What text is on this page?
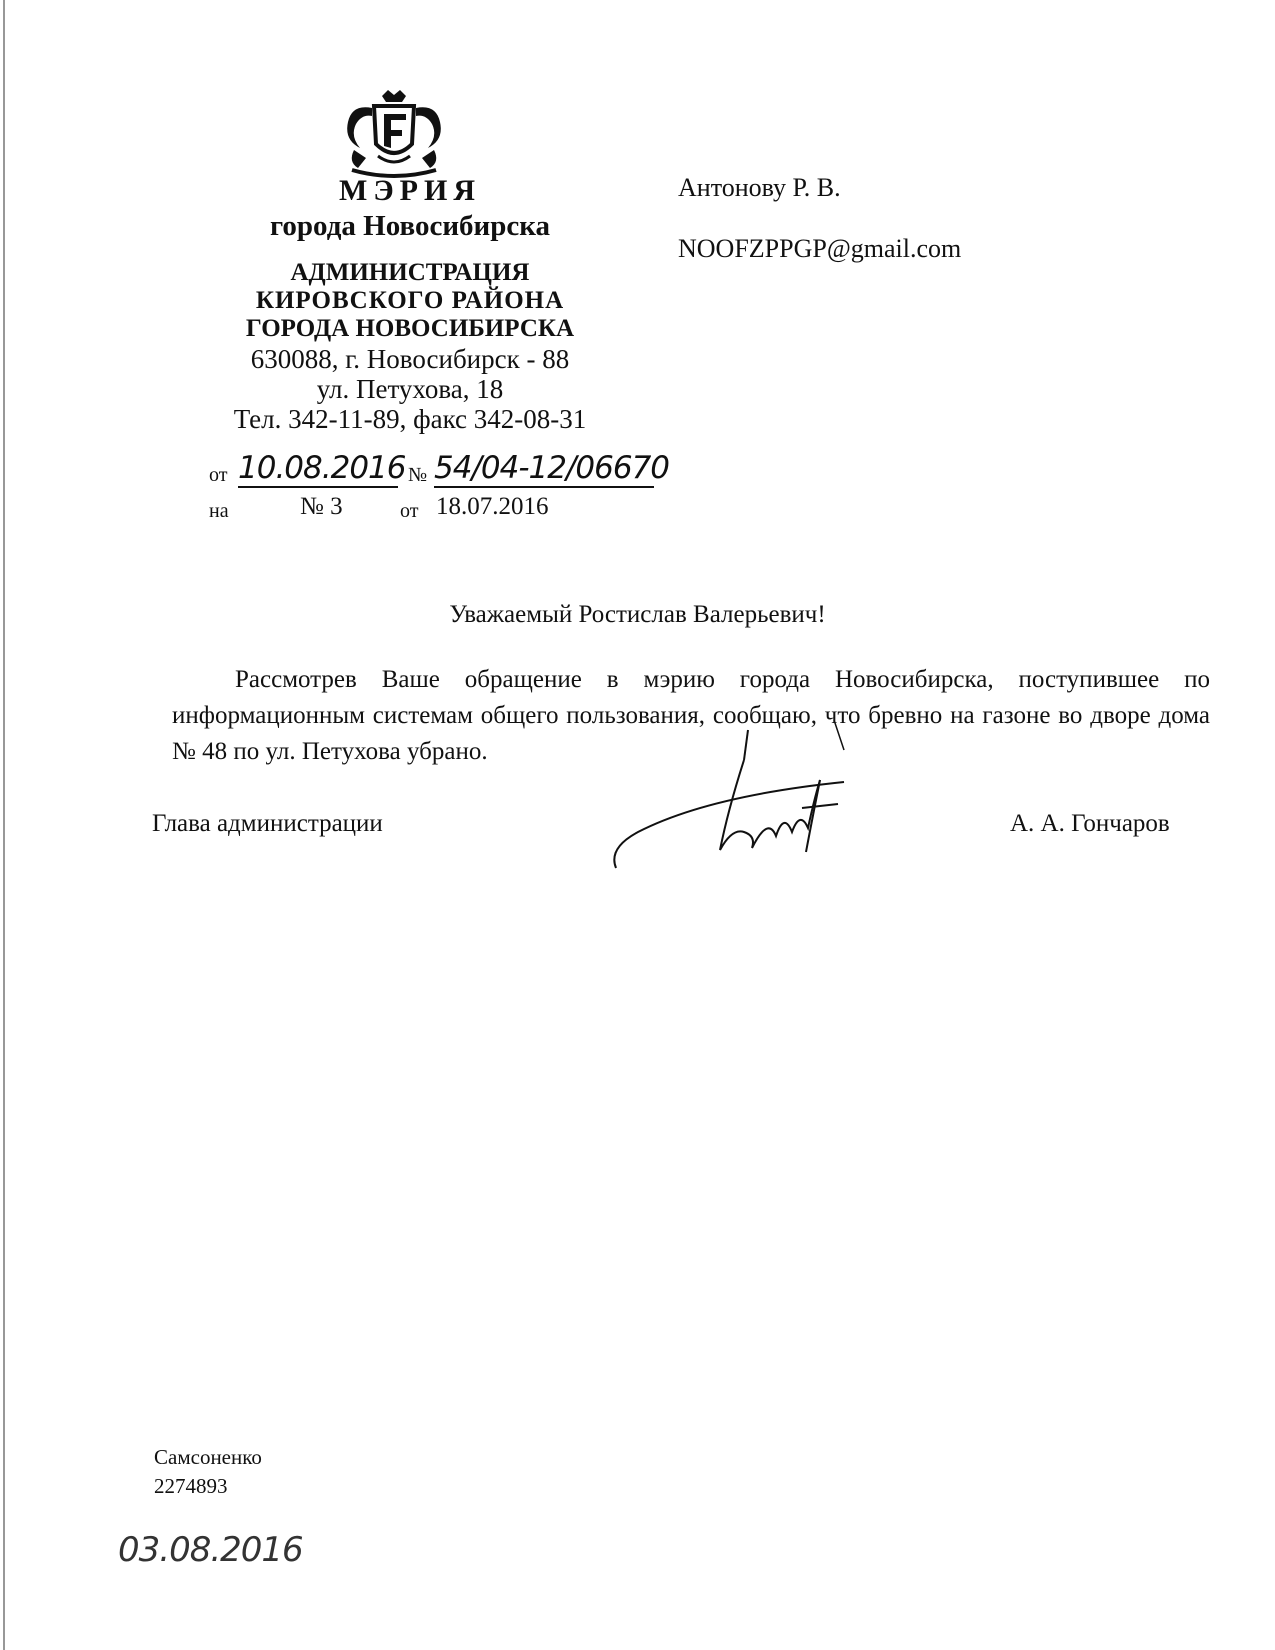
МЭРИЯ
города Новосибирска
АДМИНИСТРАЦИЯ
КИРОВСКОГО РАЙОНА
ГОРОДА НОВОСИБИРСКА
630088, г. Новосибирск - 88
ул. Петухова, 18
Тел. 342-11-89, факс 342-08-31
Антонову Р. В.
NOOFZPPGP@gmail.com
от 10.08.2016 № 54/04-12/06670
на	№ 3	от 18.07.2016
Уважаемый Ростислав Валерьевич!

Рассмотрев Ваше обращение в мэрию города Новосибирска, поступившее по информационным системам общего пользования, сообщаю, что бревно на газоне во дворе дома № 48 по ул. Петухова убрано.

Глава администрации	А. А. Гончаров
Самсоненко
2274893
03.08.2016
